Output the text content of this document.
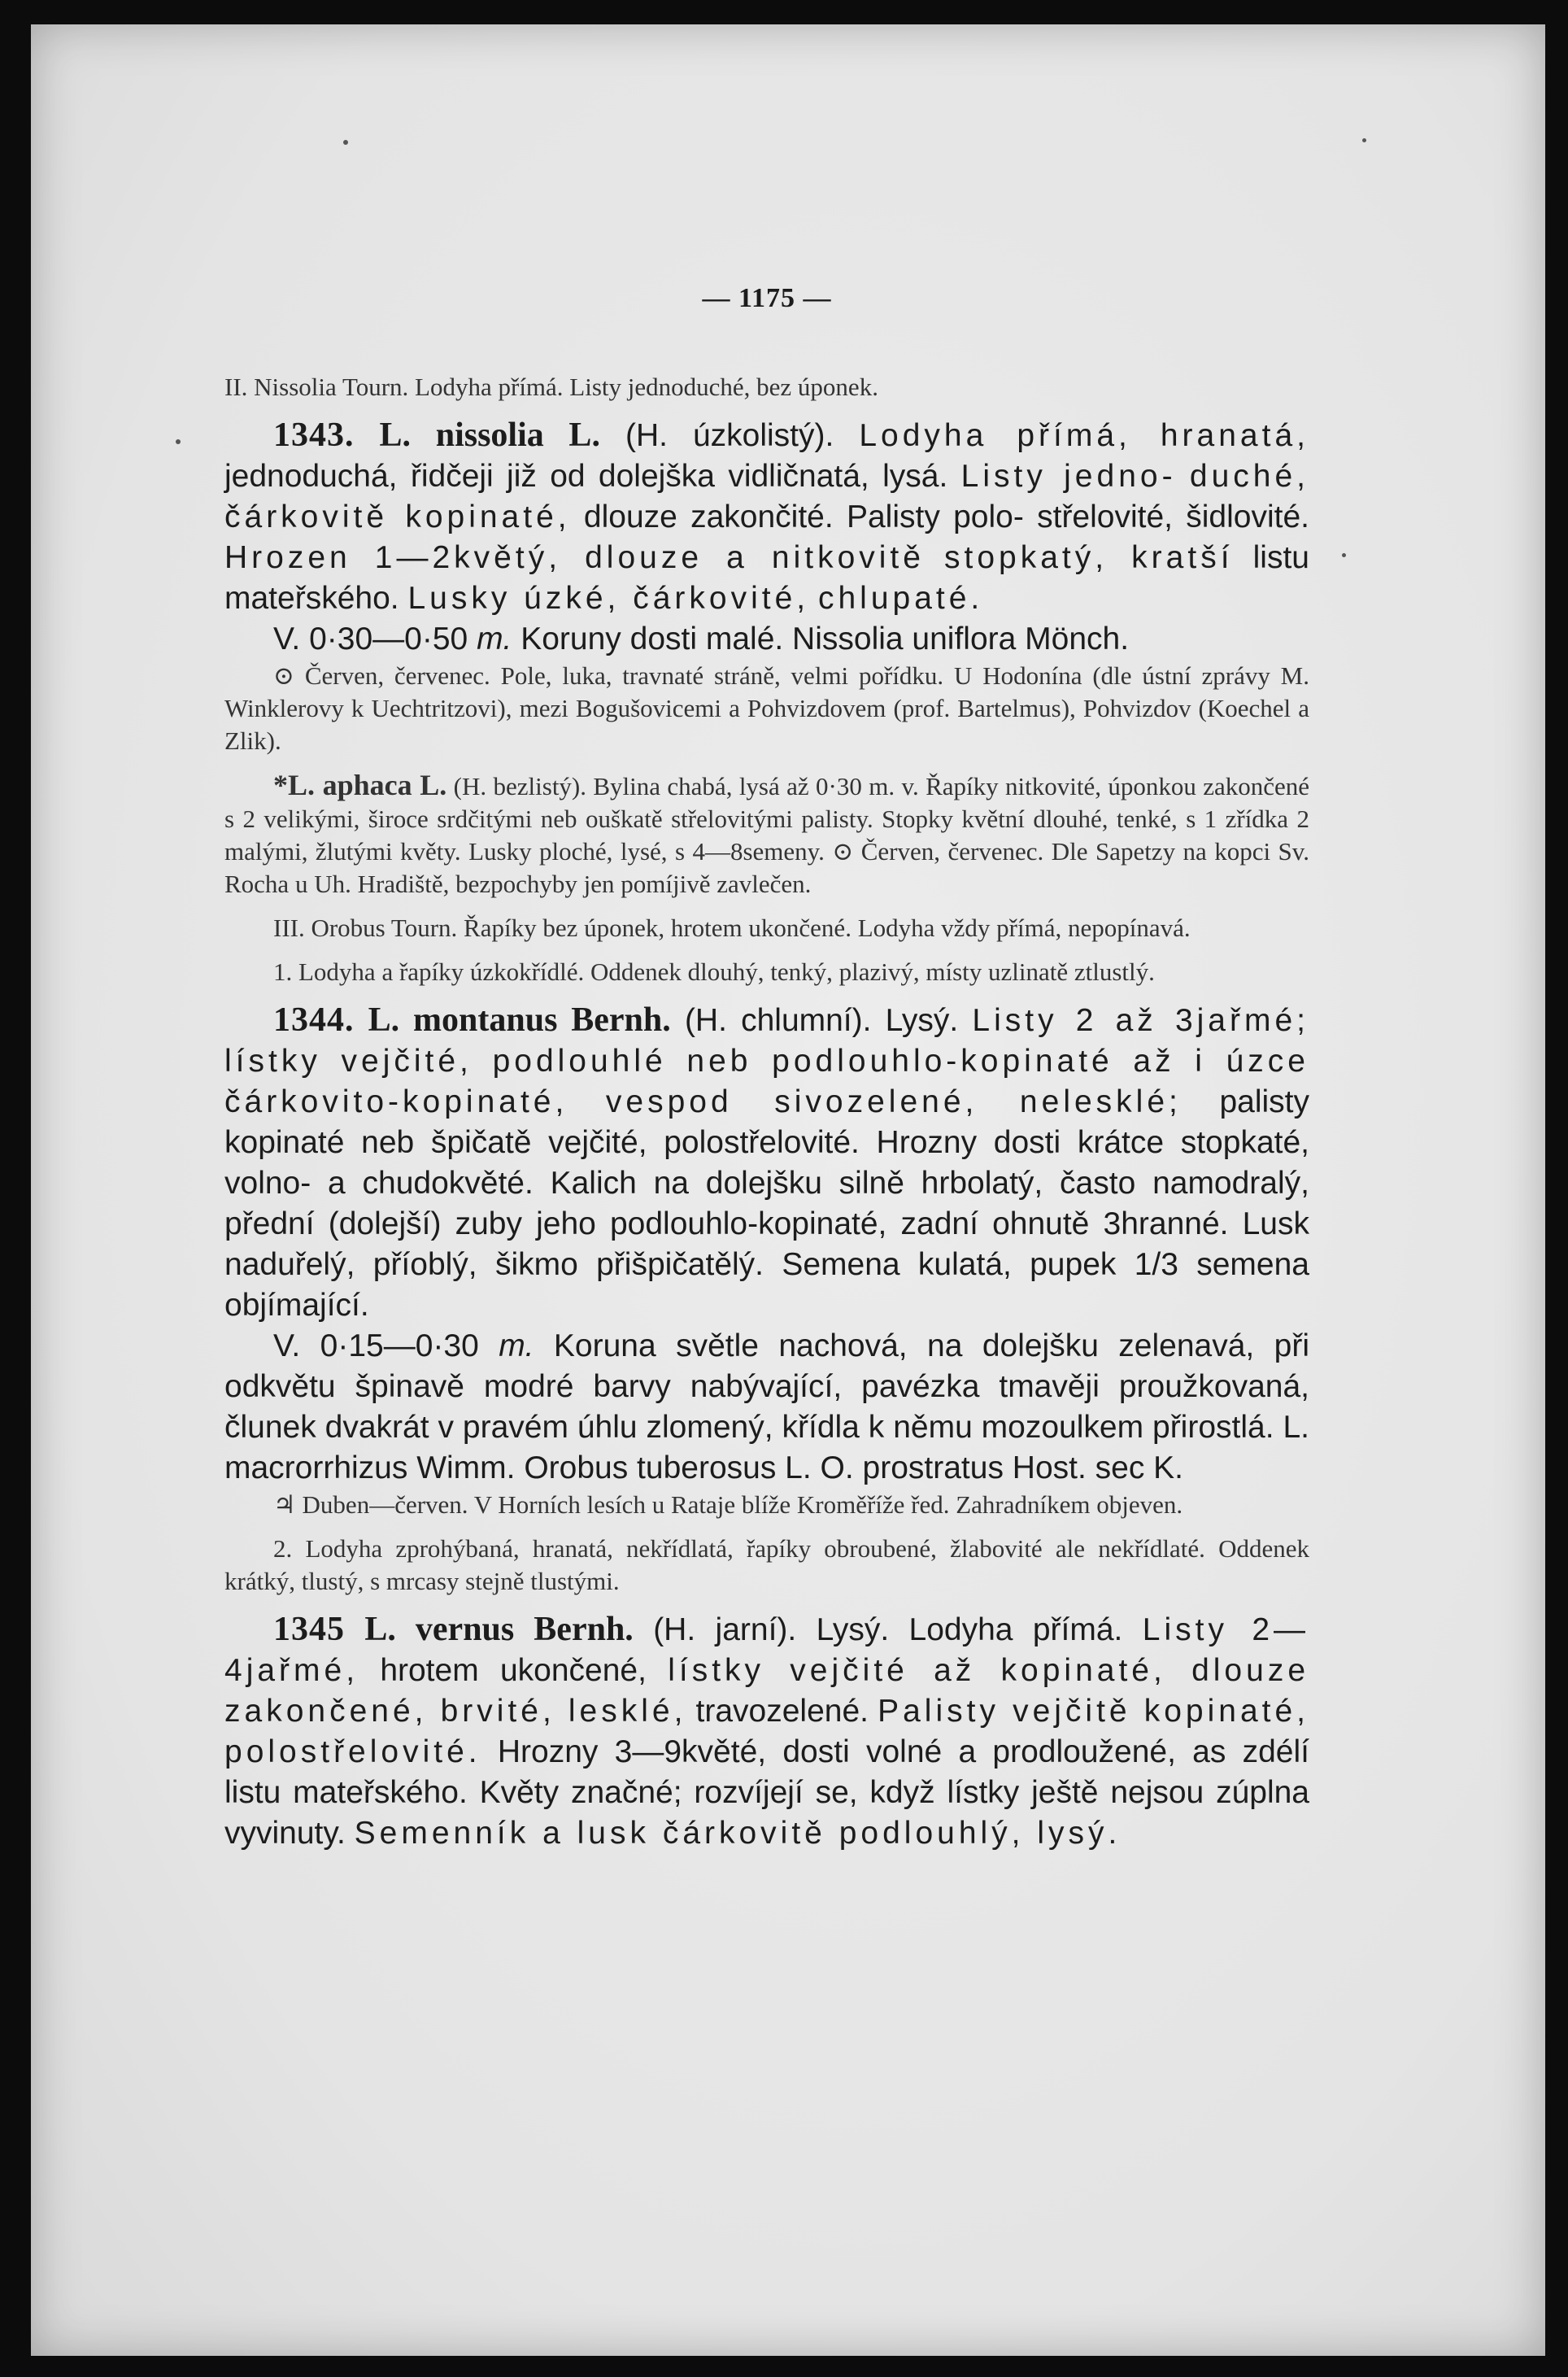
— 1175 —

II. Nissolia Tourn. Lodyha přímá. Listy jednoduché, bez úponek.

1343. L. nissolia L. (H. úzkolistý). Lodyha přímá, hranatá, jednoduchá, řidčeji již od dolejška vidličnatá, lysá. Listy jedno- duché, čárkovitě kopinaté, dlouze zakončité. Palisty polo- střelovité, šidlovité. Hrozen 1—2květý, dlouze a nitkovitě stopkatý, kratší listu mateřského. Lusky úzké, čárkovité, chlupaté.

V. 0·30—0·50 m. Koruny dosti malé. Nissolia uniflora Mönch.

⊙ Červen, červenec. Pole, luka, travnaté stráně, velmi pořídku. U Hodonína (dle ústní zprávy M. Winklerovy k Uechtritzovi), mezi Bogušovicemi a Pohvizdovem (prof. Bartelmus), Pohvizdov (Koechel a Zlik).

*L. aphaca L. (H. bezlistý). Bylina chabá, lysá až 0·30 m. v. Řapíky nitkovité, úponkou zakončené s 2 velikými, široce srdčitými neb ouškatě střelovitými palisty. Stopky květní dlouhé, tenké, s 1 zřídka 2 malými, žlutými květy. Lusky ploché, lysé, s 4—8semeny. ⊙ Červen, červenec. Dle Sapetzy na kopci Sv. Rocha u Uh. Hradiště, bezpochyby jen pomíjivě zavlečen.

III. Orobus Tourn. Řapíky bez úponek, hrotem ukončené. Lodyha vždy přímá, nepopínavá.

1. Lodyha a řapíky úzkokřídlé. Oddenek dlouhý, tenký, plazivý, místy uzlinatě ztlustlý.

1344. L. montanus Bernh. (H. chlumní). Lysý. Listy 2 až 3jařmé; lístky vejčité, podlouhlé neb podlouhlo-kopinaté až i úzce čárkovito-kopinaté, vespod sivozelené, nelesklé; palisty kopinaté neb špičatě vejčité, polostřelovité. Hrozny dosti krátce stopkaté, volno- a chudokvěté. Kalich na dolejšku silně hrbolatý, často namodralý, přední (dolejší) zuby jeho podlouhlo-kopinaté, zadní ohnutě 3hranné. Lusk naduřelý, příoblý, šikmo přišpičatělý. Semena kulatá, pupek 1/3 semena objímající.

V. 0·15—0·30 m. Koruna světle nachová, na dolejšku zelenavá, při odkvětu špinavě modré barvy nabývající, pavézka tmavěji proužkovaná, člunek dvakrát v pravém úhlu zlomený, křídla k němu mozoulkem přirostlá. L. macrorrhizus Wimm. Orobus tuberosus L. O. prostratus Host. sec K.

♃ Duben—červen. V Horních lesích u Rataje blíže Kroměříže řed. Zahradníkem objeven.

2. Lodyha zprohýbaná, hranatá, nekřídlatá, řapíky obroubené, žlabovité ale nekřídlaté. Oddenek krátký, tlustý, s mrcasy stejně tlustými.

1345 L. vernus Bernh. (H. jarní). Lysý. Lodyha přímá. Listy 2—4jařmé, hrotem ukončené, lístky vejčité až kopinaté, dlouze zakončené, brvité, lesklé, travozelené. Palisty vejčitě kopinaté, polostřelovité. Hrozny 3—9květé, dosti volné a prodloužené, as zdélí listu mateřského. Květy značné; rozvíjejí se, když lístky ještě nejsou zúplna vyvinuty. Semenník a lusk čárkovitě podlouhlý, lysý.
